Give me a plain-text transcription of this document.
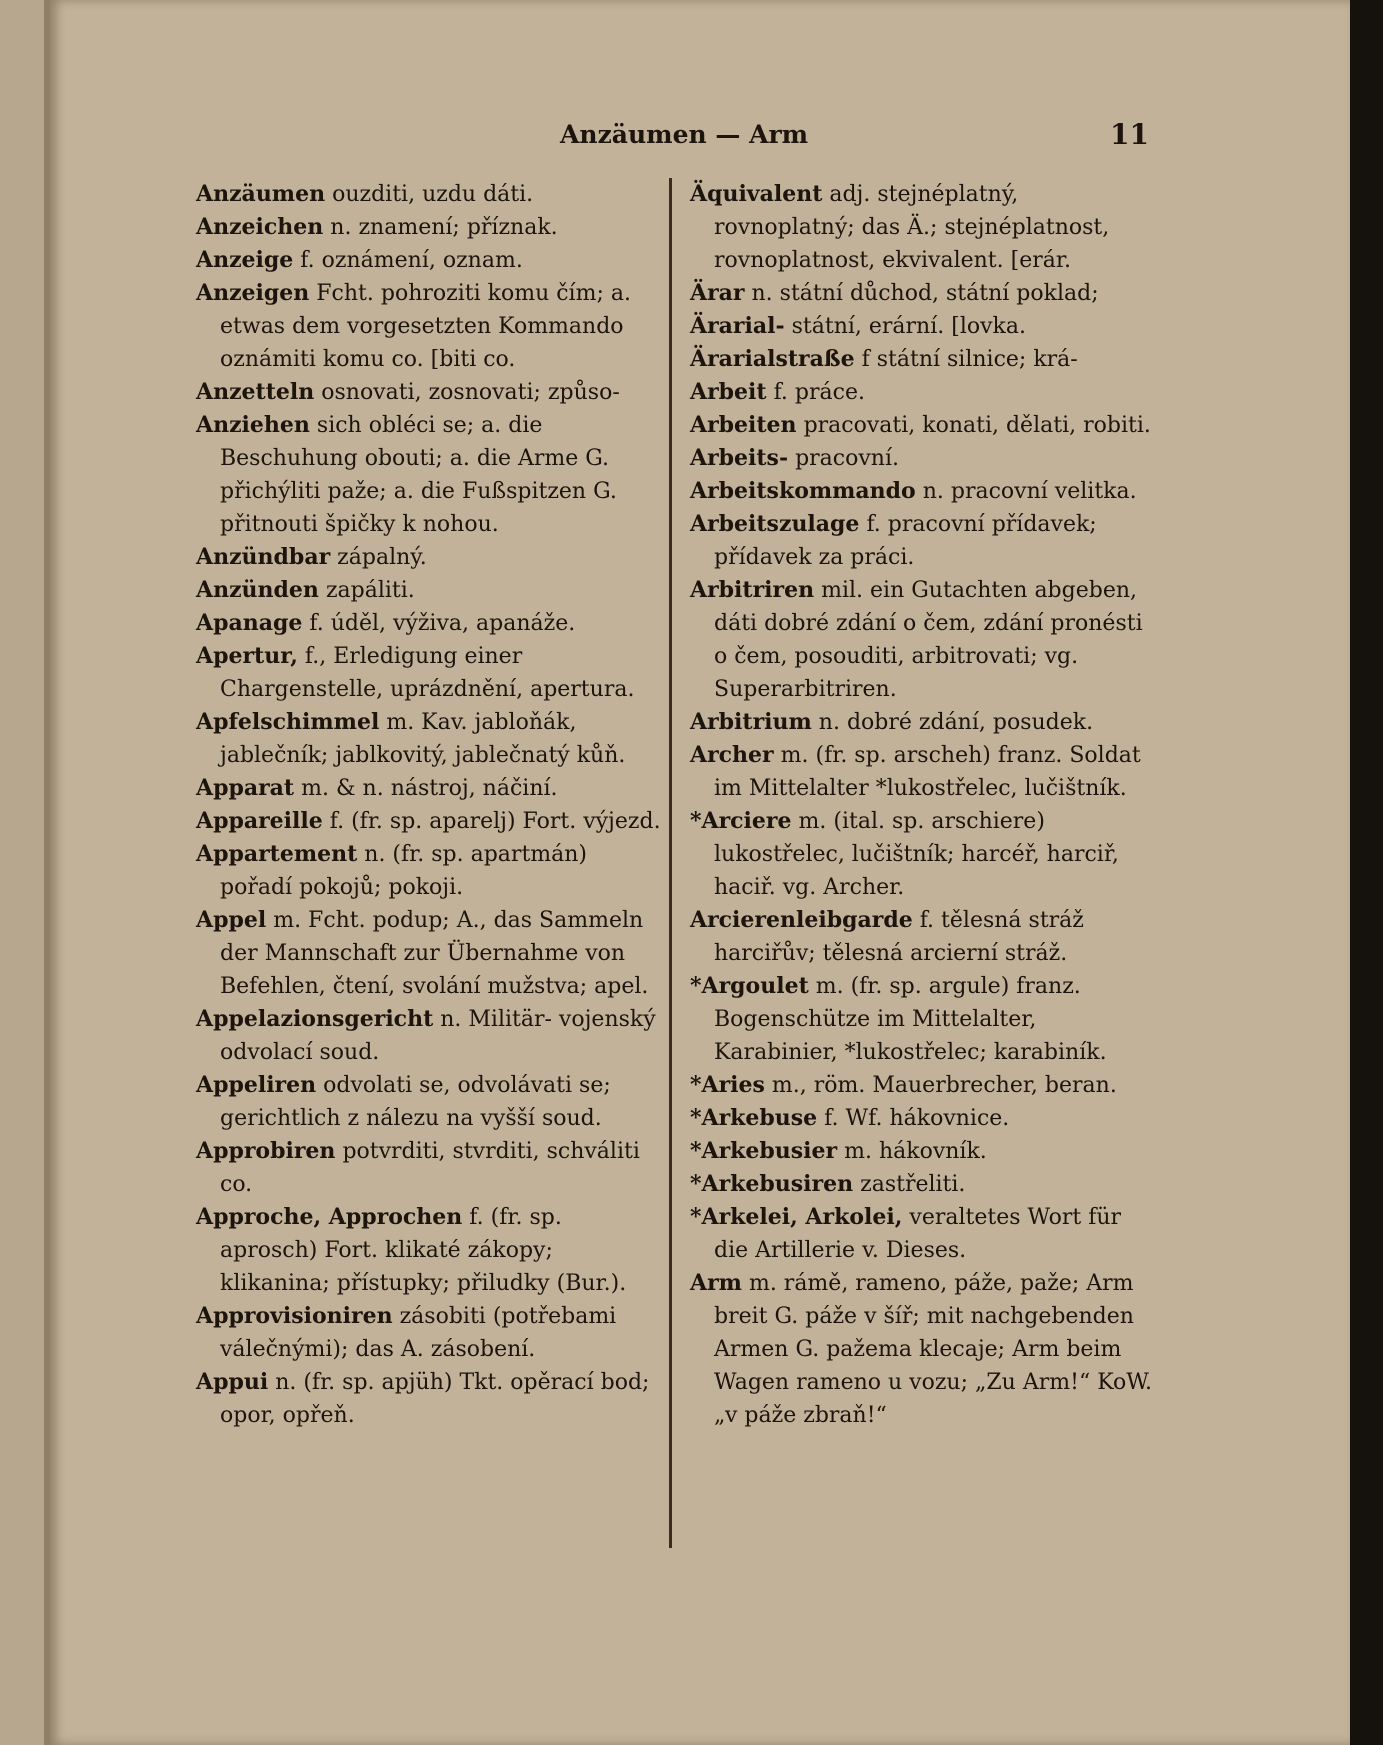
Anzäumen — Arm	11
Anzäumen ouzditi, uzdu dáti.
Anzeichen n. znamení; příznak.
Anzeige f. oznámení, oznam.
Anzeigen Fcht. pohroziti komu čím; a. etwas dem vorgesetzten Kommando oznámiti komu co. [biti co.
Anzetteln osnovati, zosnovati; způso-
Anziehen sich obléci se; a. die Beschuhung obouti; a. die Arme G. přichýliti paže; a. die Fußspitzen G. přitnouti špičky k nohou.
Anzündbar zápalný.
Anzünden zapáliti.
Apanage f. úděl, výživa, apanáže.
Apertur, f., Erledigung einer Chargenstelle, uprázdnění, apertura.
Apfelschimmel m. Kav. jabloňák, jablečník; jablkovitý, jablečnatý kůň.
Apparat m. & n. nástroj, náčiní.
Appareille f. (fr. sp. aparelj) Fort. výjezd.
Appartement n. (fr. sp. apartmán) pořadí pokojů; pokoji.
Appel m. Fcht. podup; A., das Sammeln der Mannschaft zur Übernahme von Befehlen, čtení, svolání mužstva; apel.
Appelazionsgericht n. Militär- vojenský odvolací soud.
Appeliren odvolati se, odvolávati se; gerichtlich z nálezu na vyšší soud.
Approbiren potvrditi, stvrditi, schváliti co.
Approche, Approchen f. (fr. sp. aprosch) Fort. klikaté zákopy; klikanina; přístupky; přiludky (Bur.).
Approvisioniren zásobiti (potřebami válečnými); das A. zásobení.
Appui n. (fr. sp. apjüh) Tkt. opěrací bod; opor, opřeň.
Äquivalent adj. stejnéplatný, rovnoplatný; das Ä.; stejnéplatnost, rovnoplatnost, ekvivalent. [erár.
Ärar n. státní důchod, státní poklad;
Ärarial- státní, erární. [lovka.
Ärarialstraße f státní silnice; krá-
Arbeit f. práce.
Arbeiten pracovati, konati, dělati, robiti.
Arbeits- pracovní.
Arbeitskommando n. pracovní velitka.
Arbeitszulage f. pracovní přídavek; přídavek za práci.
Arbitriren mil. ein Gutachten abgeben, dáti dobré zdání o čem, zdání pronésti o čem, posouditi, arbitrovati; vg. Superarbitriren.
Arbitrium n. dobré zdání, posudek.
Archer m. (fr. sp. arscheh) franz. Soldat im Mittelalter *lukostřelec, lučištník.
*Arciere m. (ital. sp. arschiere) lukostřelec, lučištník; harcéř, harciř, haciř. vg. Archer.
Arcierenleibgarde f. tělesná stráž harciřův; tělesná arcierní stráž.
*Argoulet m. (fr. sp. argule) franz. Bogenschütze im Mittelalter, Karabinier, *lukostřelec; karabiník.
*Aries m., röm. Mauerbrecher, beran.
*Arkebuse f. Wf. hákovnice.
*Arkebusier m. hákovník.
*Arkebusiren zastřeliti.
*Arkelei, Arkolei, veraltetes Wort für die Artillerie v. Dieses.
Arm m. rámě, rameno, páže, paže; Arm breit G. páže v šíř; mit nachgebenden Armen G. pažema klecaje; Arm beim Wagen rameno u vozu; „Zu Arm!“ KoW. „v páže zbraň!“
